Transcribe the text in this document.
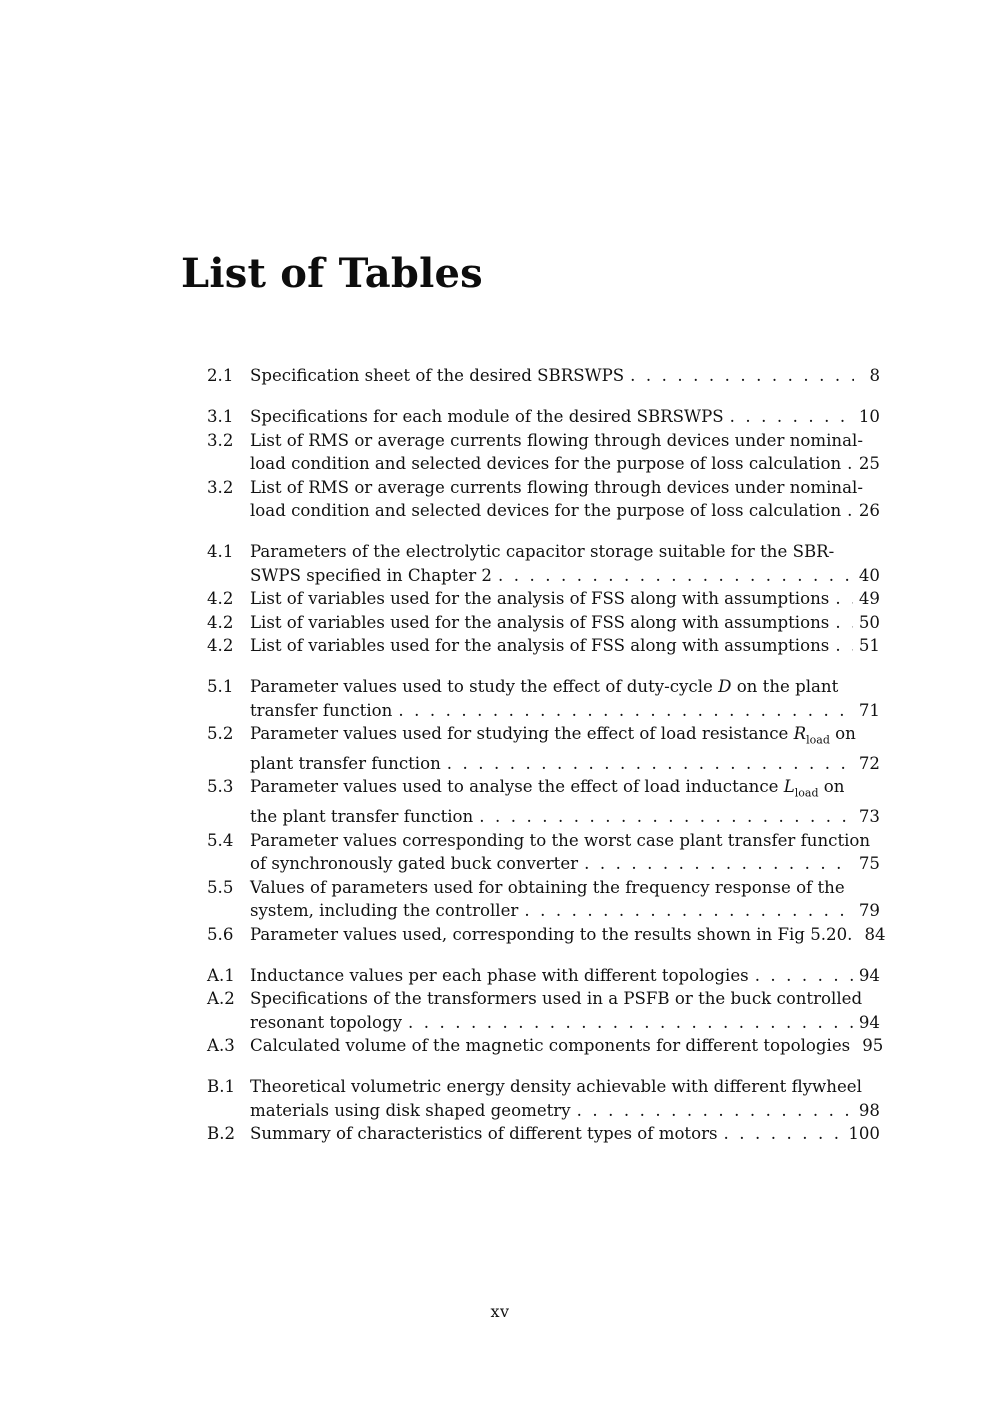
List of Tables
2.1	Specification sheet of the desired SBRSWPS . . .	8
3.1	Specifications for each module of the desired SBRSWPS . . .	10
3.2	List of RMS or average currents flowing through devices under nominal-
load condition and selected devices for the purpose of loss calculation . . . 25
3.2	List of RMS or average currents flowing through devices under nominal-
load condition and selected devices for the purpose of loss calculation . . . 26
4.1	Parameters of the electrolytic capacitor storage suitable for the SBR-
SWPS specified in Chapter 2 . . .	40
4.2	List of variables used for the analysis of FSS along with assumptions . . . 49
4.2	List of variables used for the analysis of FSS along with assumptions . . . 50
4.2	List of variables used for the analysis of FSS along with assumptions . . . 51
5.1	Parameter values used to study the effect of duty-cycle D on the plant
transfer function . . .	71
5.2	Parameter values used for studying the effect of load resistance $R_{load}$ on
plant transfer function . . .	72
5.3	Parameter values used to analyse the effect of load inductance $L_{load}$ on
the plant transfer function . . .	73
5.4	Parameter values corresponding to the worst case plant transfer function
of synchronously gated buck converter . . .	75
5.5	Values of parameters used for obtaining the frequency response of the
system, including the controller . . .	79
5.6	Parameter values used, corresponding to the results shown in Fig 5.20. 84
A.1 Inductance values per each phase with different topologies . . .	94
A.2 Specifications of the transformers used in a PSFB or the buck controlled
resonant topology . . .	94
A.3 Calculated volume of the magnetic components for different topologies 95
B.1 Theoretical volumetric energy density achievable with different flywheel
materials using disk shaped geometry . . .	98
B.2 Summary of characteristics of different types of motors . . .	100
xv
